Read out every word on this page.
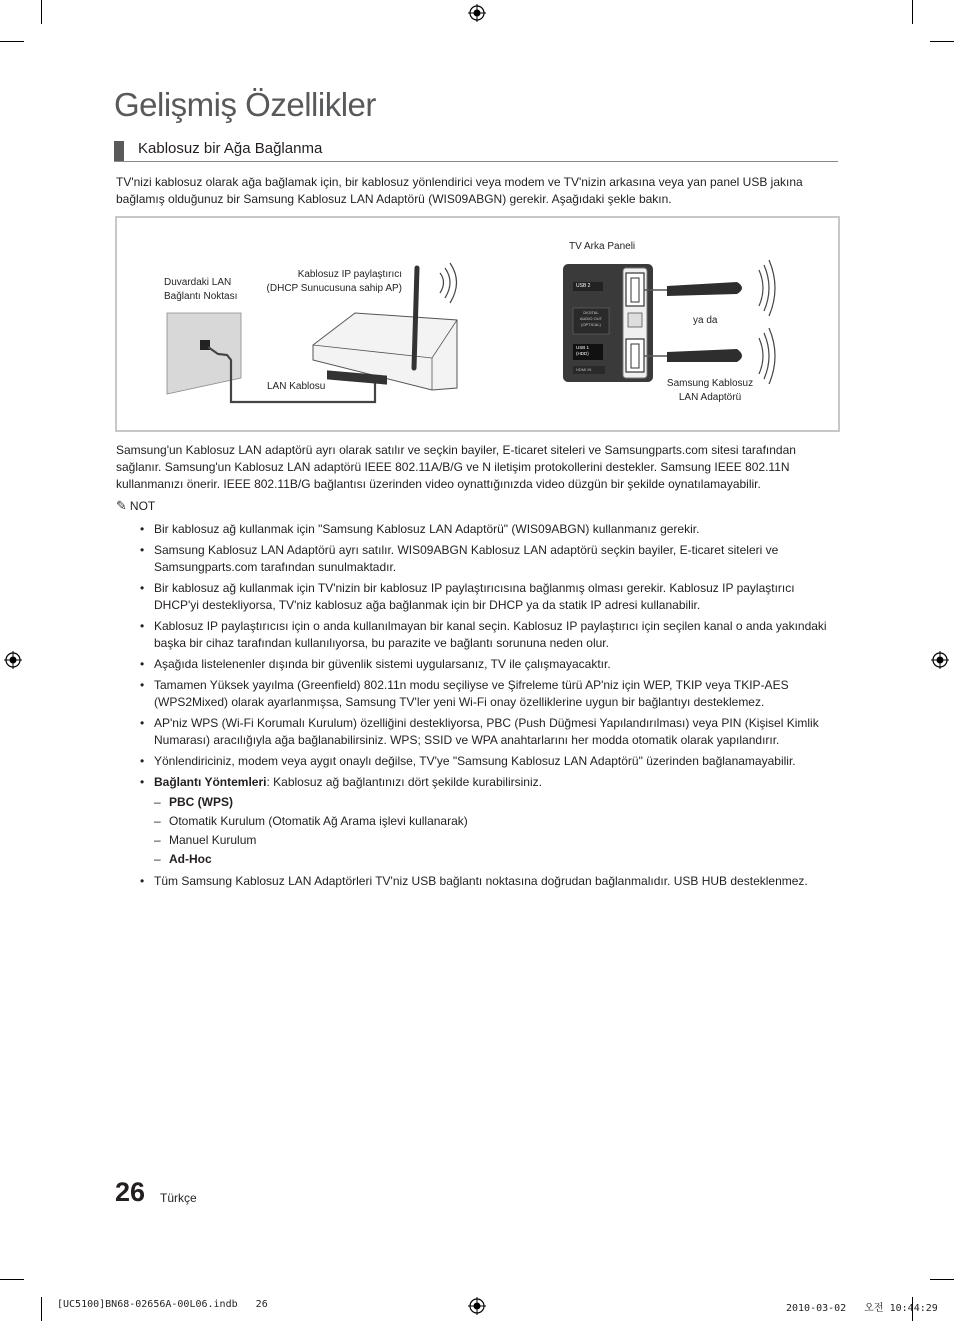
Gelişmiş Özellikler
Kablosuz bir Ağa Bağlanma
TV'nizi kablosuz olarak ağa bağlamak için, bir kablosuz yönlendirici veya modem ve TV'nizin arkasına veya yan panel USB jakına bağlamış olduğunuz bir Samsung Kablosuz LAN Adaptörü (WIS09ABGN) gerekir. Aşağıdaki şekle bakın.
USB 2
DIGITAL
AUDIO OUT
(OPTICAL)
USB 1
(HDD)
HDMI IN
Duvardaki LAN
Bağlantı Noktası
Kablosuz IP paylaştırıcı
(DHCP Sunucusuna sahip AP)
LAN Kablosu
TV Arka Paneli
ya da
Samsung Kablosuz
LAN Adaptörü
Samsung'un Kablosuz LAN adaptörü ayrı olarak satılır ve seçkin bayiler, E-ticaret siteleri ve Samsungparts.com sitesi tarafından sağlanır. Samsung'un Kablosuz LAN adaptörü IEEE 802.11A/B/G ve N iletişim protokollerini destekler. Samsung IEEE 802.11N kullanmanızı önerir. IEEE 802.11B/G bağlantısı üzerinden video oynattığınızda video düzgün bir şekilde oynatılamayabilir.
✎ NOT
• Bir kablosuz ağ kullanmak için "Samsung Kablosuz LAN Adaptörü" (WIS09ABGN) kullanmanız gerekir.
• Samsung Kablosuz LAN Adaptörü ayrı satılır. WIS09ABGN Kablosuz LAN adaptörü seçkin bayiler, E-ticaret siteleri ve Samsungparts.com tarafından sunulmaktadır.
• Bir kablosuz ağ kullanmak için TV'nizin bir kablosuz IP paylaştırıcısına bağlanmış olması gerekir. Kablosuz IP paylaştırıcı DHCP'yi destekliyorsa, TV'niz kablosuz ağa bağlanmak için bir DHCP ya da statik IP adresi kullanabilir.
• Kablosuz IP paylaştırıcısı için o anda kullanılmayan bir kanal seçin. Kablosuz IP paylaştırıcı için seçilen kanal o anda yakındaki başka bir cihaz tarafından kullanılıyorsa, bu parazite ve bağlantı sorununa neden olur.
• Aşağıda listelenenler dışında bir güvenlik sistemi uygularsanız, TV ile çalışmayacaktır.
• Tamamen Yüksek yayılma (Greenfield) 802.11n modu seçiliyse ve Şifreleme türü AP'niz için WEP, TKIP veya TKIP-AES (WPS2Mixed) olarak ayarlanmışsa, Samsung TV'ler yeni Wi-Fi onay özelliklerine uygun bir bağlantıyı desteklemez.
• AP'niz WPS (Wi-Fi Korumalı Kurulum) özelliğini destekliyorsa, PBC (Push Düğmesi Yapılandırılması) veya PIN (Kişisel Kimlik Numarası) aracılığıyla ağa bağlanabilirsiniz. WPS; SSID ve WPA anahtarlarını her modda otomatik olarak yapılandırır.
• Yönlendiriciniz, modem veya aygıt onaylı değilse, TV'ye "Samsung Kablosuz LAN Adaptörü" üzerinden bağlanamayabilir.
• Bağlantı Yöntemleri: Kablosuz ağ bağlantınızı dört şekilde kurabilirsiniz.
– PBC (WPS)
– Otomatik Kurulum (Otomatik Ağ Arama işlevi kullanarak)
– Manuel Kurulum
– Ad-Hoc
• Tüm Samsung Kablosuz LAN Adaptörleri TV'niz USB bağlantı noktasına doğrudan bağlanmalıdır. USB HUB desteklenmez.
26 Türkçe
[UC5100]BN68-02656A-00L06.indb   26	2010-03-02   오전 10:44:29
